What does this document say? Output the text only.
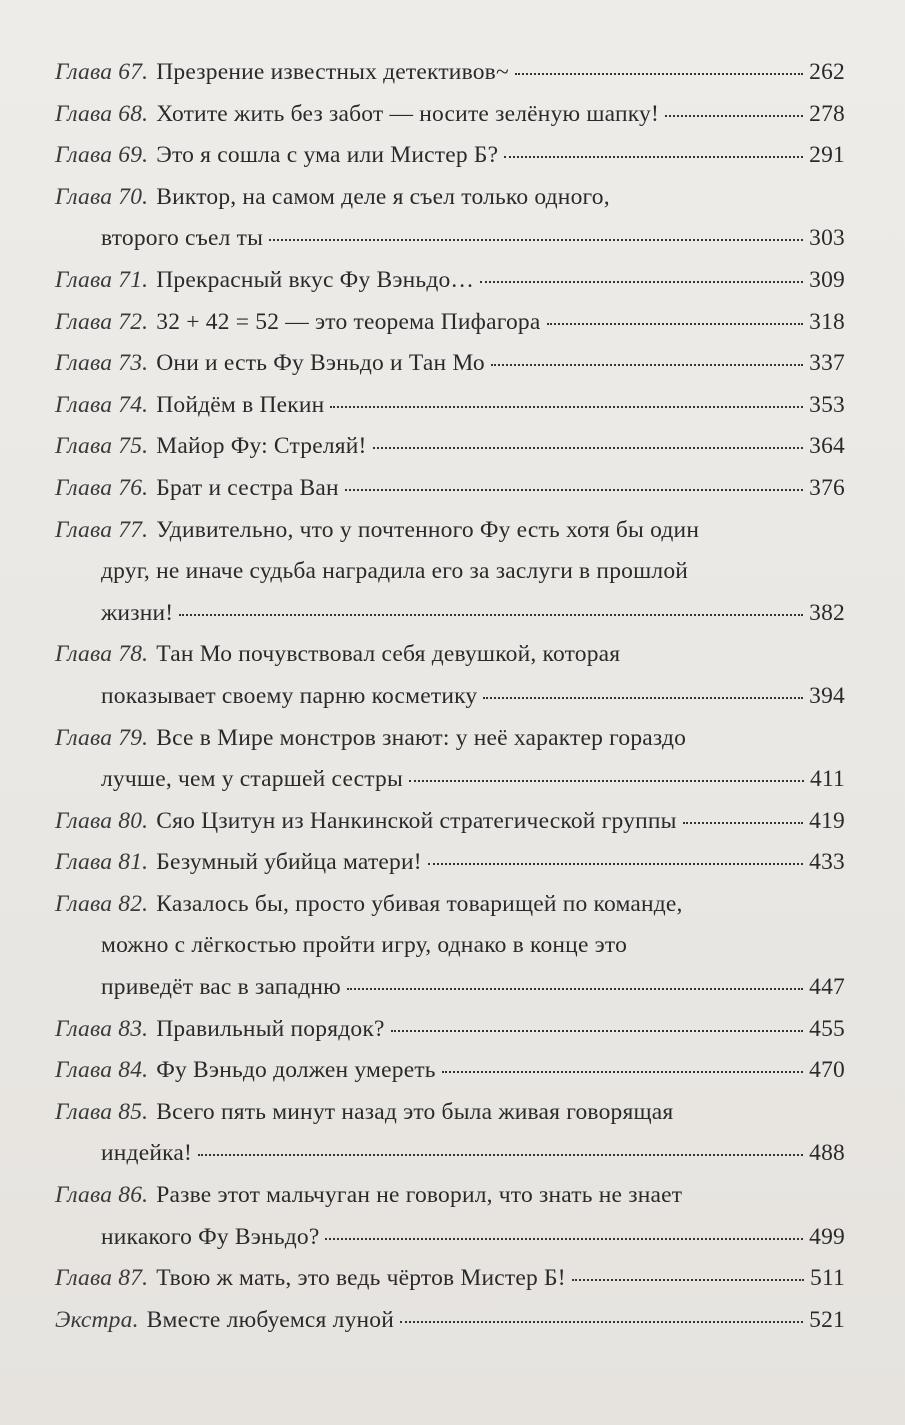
Глава 67. Презрение известных детективов~	262
Глава 68. Хотите жить без забот — носите зелёную шапку!	278
Глава 69. Это я сошла с ума или Мистер Б?	291
Глава 70. Виктор, на самом деле я съел только одного,
второго съел ты	303
Глава 71. Прекрасный вкус Фу Вэньдо…	309
Глава 72. 32 + 42 = 52 — это теорема Пифагора	318
Глава 73. Они и есть Фу Вэньдо и Тан Мо	337
Глава 74. Пойдём в Пекин	353
Глава 75. Майор Фу: Стреляй!	364
Глава 76. Брат и сестра Ван	376
Глава 77. Удивительно, что у почтенного Фу есть хотя бы один
друг, не иначе судьба наградила его за заслуги в прошлой
жизни!	382
Глава 78. Тан Мо почувствовал себя девушкой, которая
показывает своему парню косметику	394
Глава 79. Все в Мире монстров знают: у неё характер гораздо
лучше, чем у старшей сестры	411
Глава 80. Сяо Цзитун из Нанкинской стратегической группы	419
Глава 81. Безумный убийца матери!	433
Глава 82. Казалось бы, просто убивая товарищей по команде,
можно с лёгкостью пройти игру, однако в конце это
приведёт вас в западню	447
Глава 83. Правильный порядок?	455
Глава 84. Фу Вэньдо должен умереть	470
Глава 85. Всего пять минут назад это была живая говорящая
индейка!	488
Глава 86. Разве этот мальчуган не говорил, что знать не знает
никакого Фу Вэньдо?	499
Глава 87. Твою ж мать, это ведь чёртов Мистер Б!	511
Экстра. Вместе любуемся луной	521
